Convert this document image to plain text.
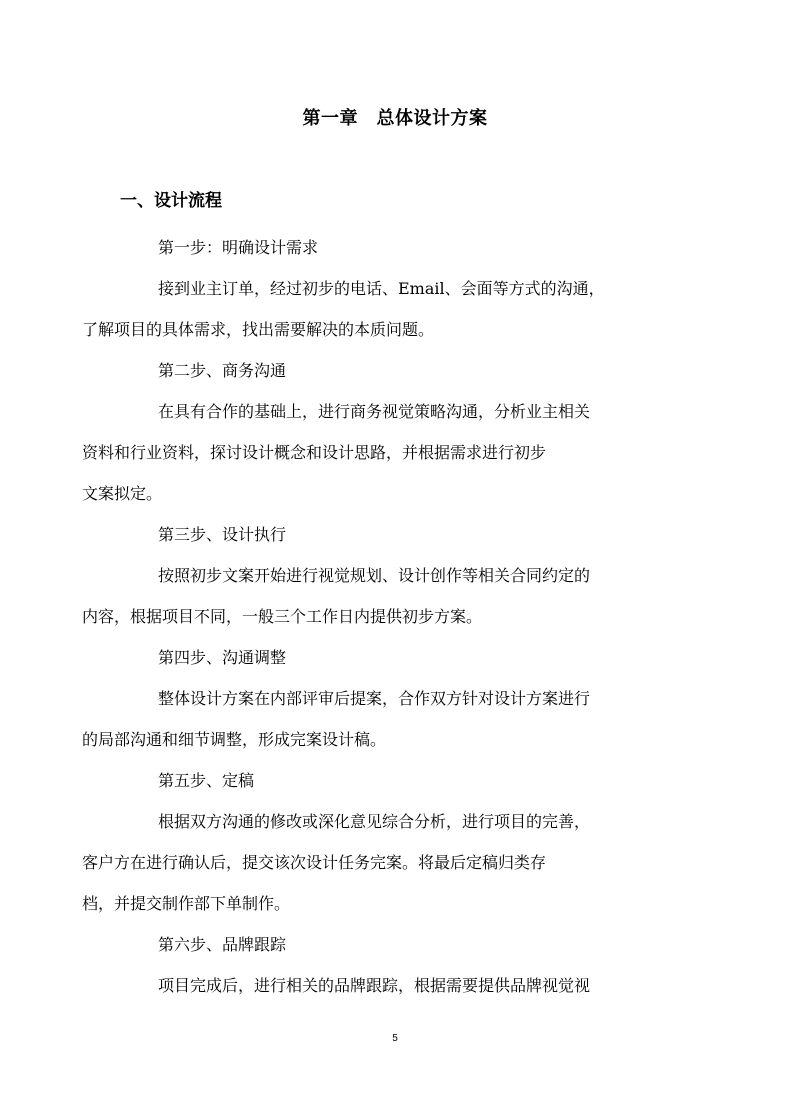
第一章　总体设计方案
一、设计流程

第一步：明确设计需求

接到业主订单，经过初步的电话、Email、会面等方式的沟通，
了解项目的具体需求，找出需要解决的本质问题。

第二步、商务沟通

在具有合作的基础上，进行商务视觉策略沟通，分析业主相关
资料和行业资料，探讨设计概念和设计思路，并根据需求进行初步
文案拟定。

第三步、设计执行

按照初步文案开始进行视觉规划、设计创作等相关合同约定的
内容，根据项目不同，一般三个工作日内提供初步方案。

第四步、沟通调整

整体设计方案在内部评审后提案，合作双方针对设计方案进行
的局部沟通和细节调整，形成完案设计稿。

第五步、定稿

根据双方沟通的修改或深化意见综合分析，进行项目的完善，
客户方在进行确认后，提交该次设计任务完案。将最后定稿归类存
档，并提交制作部下单制作。

第六步、品牌跟踪

项目完成后，进行相关的品牌跟踪，根据需要提供品牌视觉视
5
